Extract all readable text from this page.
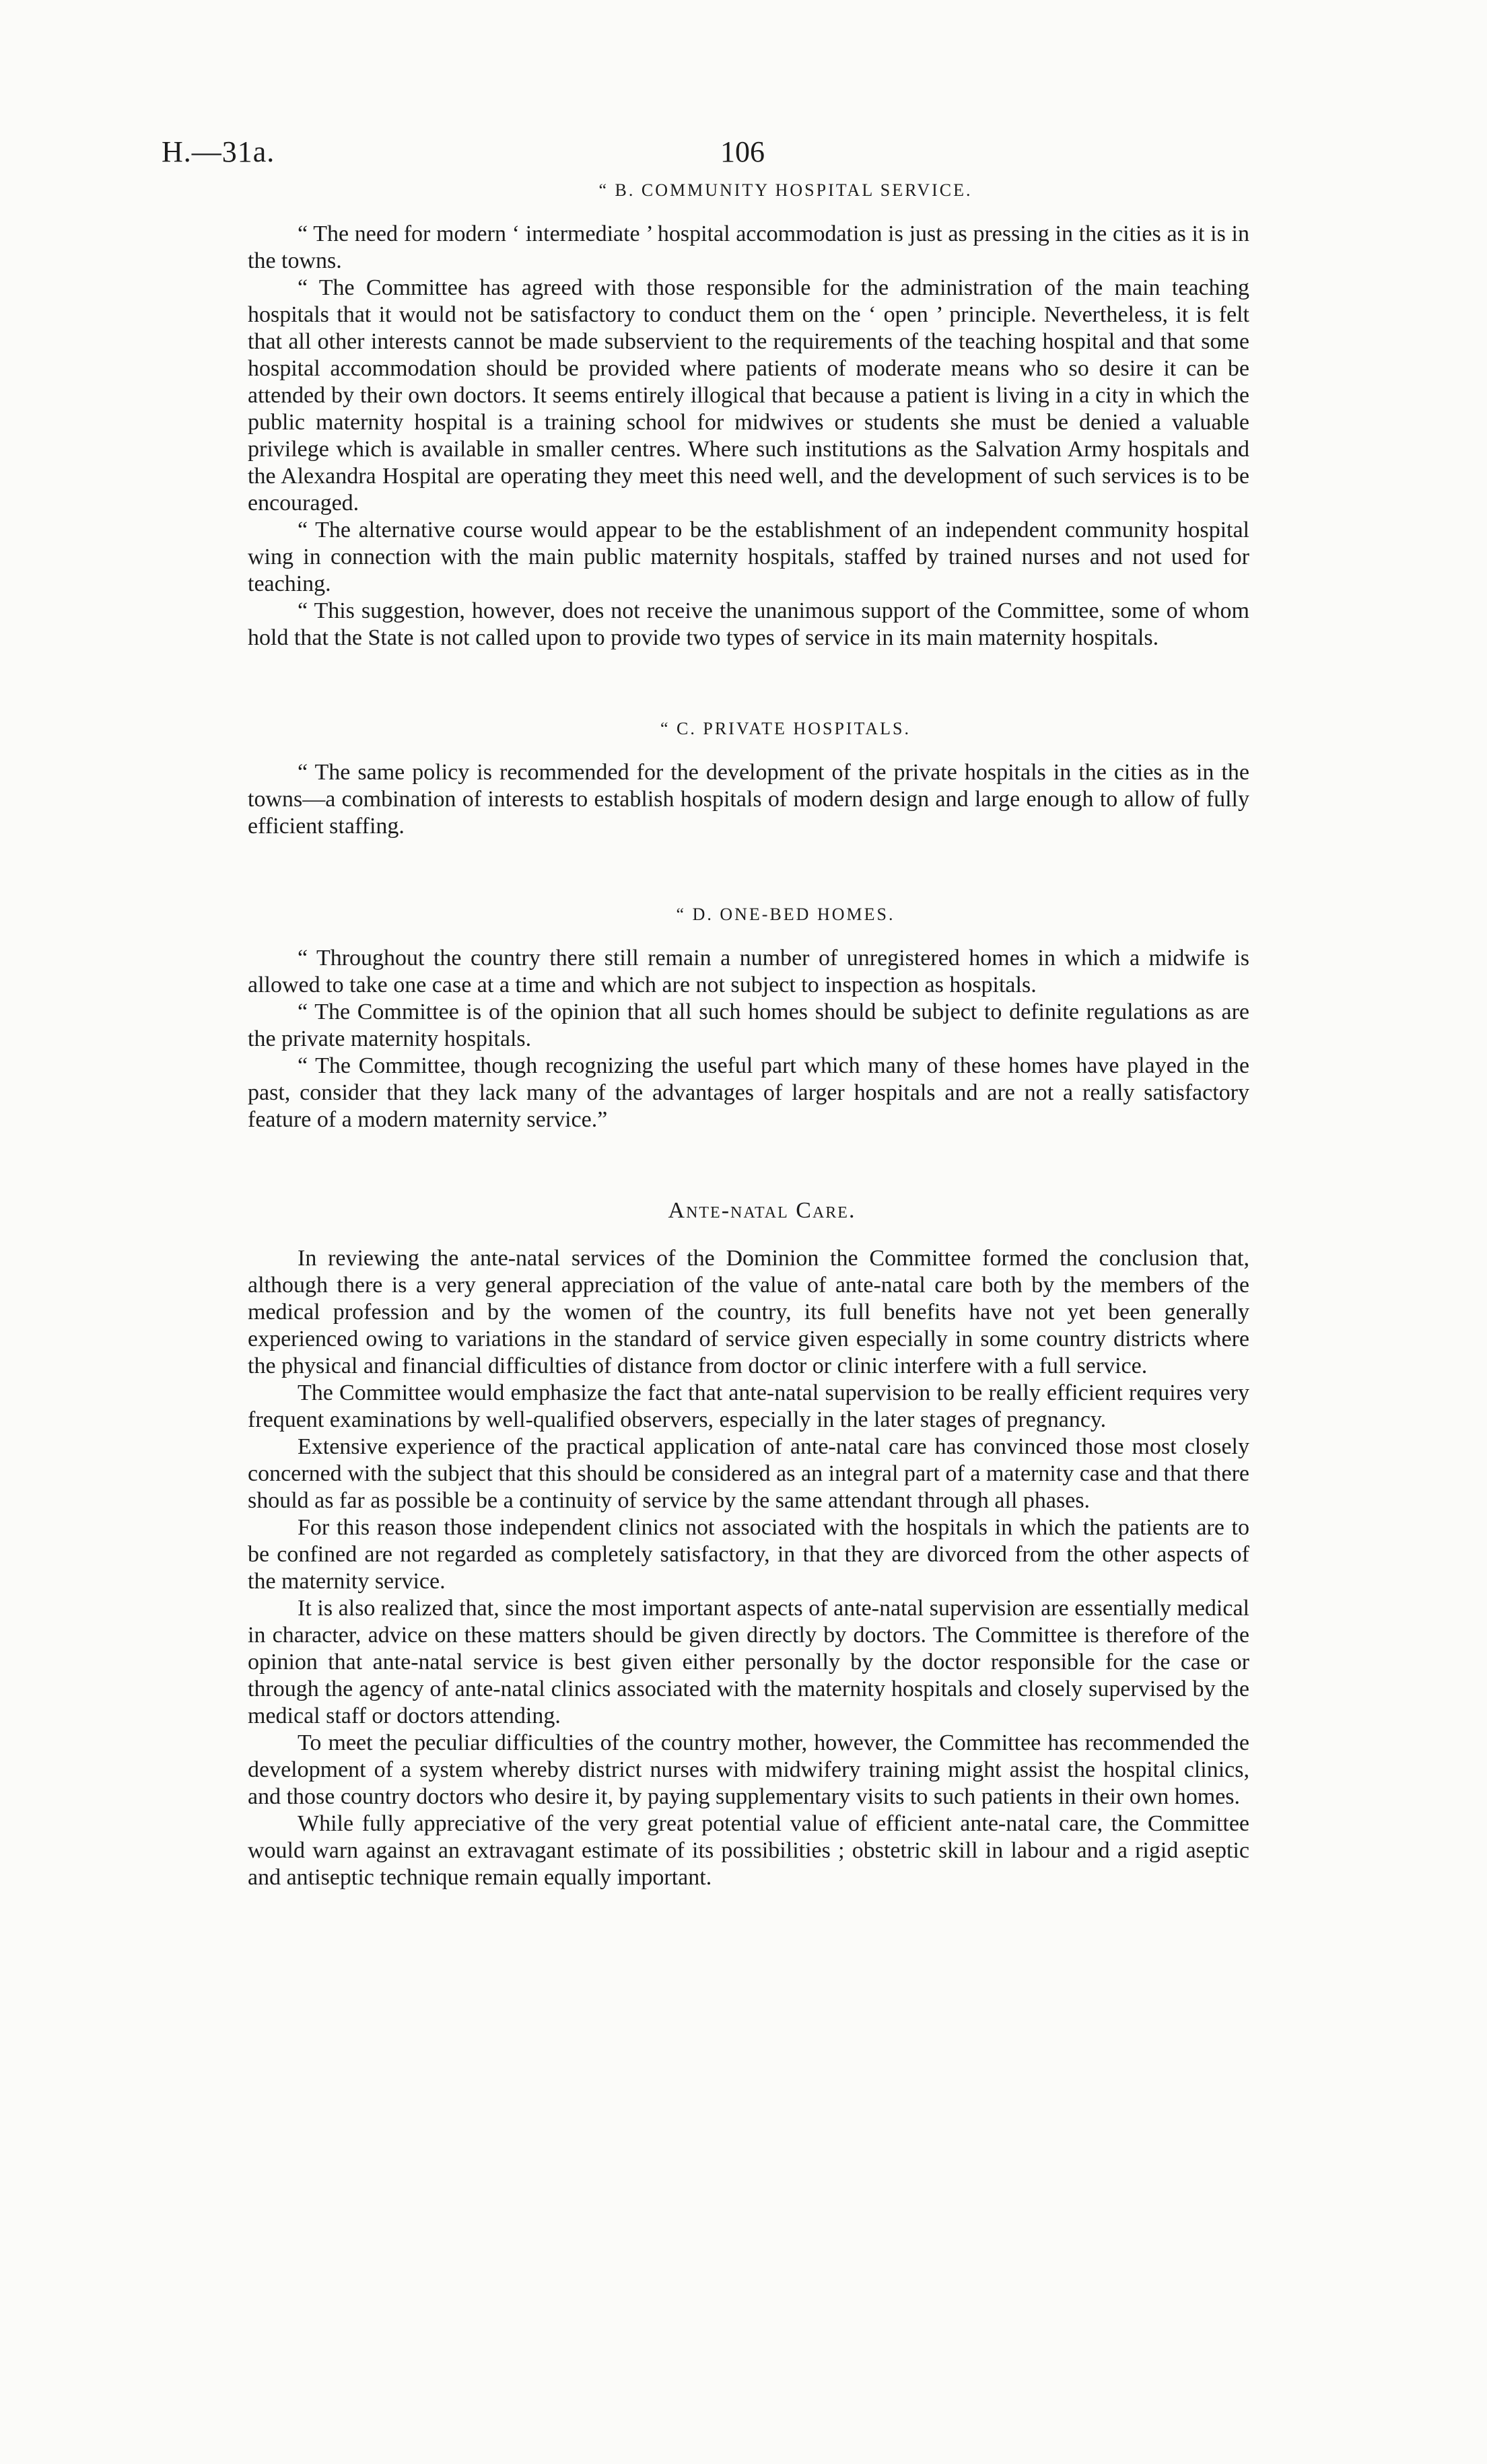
H.—31a.	106
“ B. COMMUNITY HOSPITAL SERVICE.

“ The need for modern ‘ intermediate ’ hospital accommodation is just as pressing in the cities as it is in the towns.

“ The Committee has agreed with those responsible for the administration of the main teaching hospitals that it would not be satisfactory to conduct them on the ‘ open ’ principle. Nevertheless, it is felt that all other interests cannot be made subservient to the requirements of the teaching hospital and that some hospital accommodation should be provided where patients of moderate means who so desire it can be attended by their own doctors. It seems entirely illogical that because a patient is living in a city in which the public maternity hospital is a training school for midwives or students she must be denied a valuable privilege which is available in smaller centres. Where such institutions as the Salvation Army hospitals and the Alexandra Hospital are operating they meet this need well, and the development of such services is to be encouraged.

“ The alternative course would appear to be the establishment of an independent community hospital wing in connection with the main public maternity hospitals, staffed by trained nurses and not used for teaching.

“ This suggestion, however, does not receive the unanimous support of the Committee, some of whom hold that the State is not called upon to provide two types of service in its main maternity hospitals.

“ C. PRIVATE HOSPITALS.

“ The same policy is recommended for the development of the private hospitals in the cities as in the towns—a combination of interests to establish hospitals of modern design and large enough to allow of fully efficient staffing.

“ D. ONE-BED HOMES.

“ Throughout the country there still remain a number of unregistered homes in which a midwife is allowed to take one case at a time and which are not subject to inspection as hospitals.

“ The Committee is of the opinion that all such homes should be subject to definite regulations as are the private maternity hospitals.

“ The Committee, though recognizing the useful part which many of these homes have played in the past, consider that they lack many of the advantages of larger hospitals and are not a really satisfactory feature of a modern maternity service.”

Ante-natal Care.

In reviewing the ante-natal services of the Dominion the Committee formed the conclusion that, although there is a very general appreciation of the value of ante-natal care both by the members of the medical profession and by the women of the country, its full benefits have not yet been generally experienced owing to variations in the standard of service given especially in some country districts where the physical and financial difficulties of distance from doctor or clinic interfere with a full service.

The Committee would emphasize the fact that ante-natal supervision to be really efficient requires very frequent examinations by well-qualified observers, especially in the later stages of pregnancy.

Extensive experience of the practical application of ante-natal care has convinced those most closely concerned with the subject that this should be considered as an integral part of a maternity case and that there should as far as possible be a continuity of service by the same attendant through all phases.

For this reason those independent clinics not associated with the hospitals in which the patients are to be confined are not regarded as completely satisfactory, in that they are divorced from the other aspects of the maternity service.

It is also realized that, since the most important aspects of ante-natal supervision are essentially medical in character, advice on these matters should be given directly by doctors. The Committee is therefore of the opinion that ante-natal service is best given either personally by the doctor responsible for the case or through the agency of ante-natal clinics associated with the maternity hospitals and closely supervised by the medical staff or doctors attending.

To meet the peculiar difficulties of the country mother, however, the Committee has recommended the development of a system whereby district nurses with midwifery training might assist the hospital clinics, and those country doctors who desire it, by paying supplementary visits to such patients in their own homes.

While fully appreciative of the very great potential value of efficient ante-natal care, the Committee would warn against an extravagant estimate of its possibilities ; obstetric skill in labour and a rigid aseptic and antiseptic technique remain equally important.
